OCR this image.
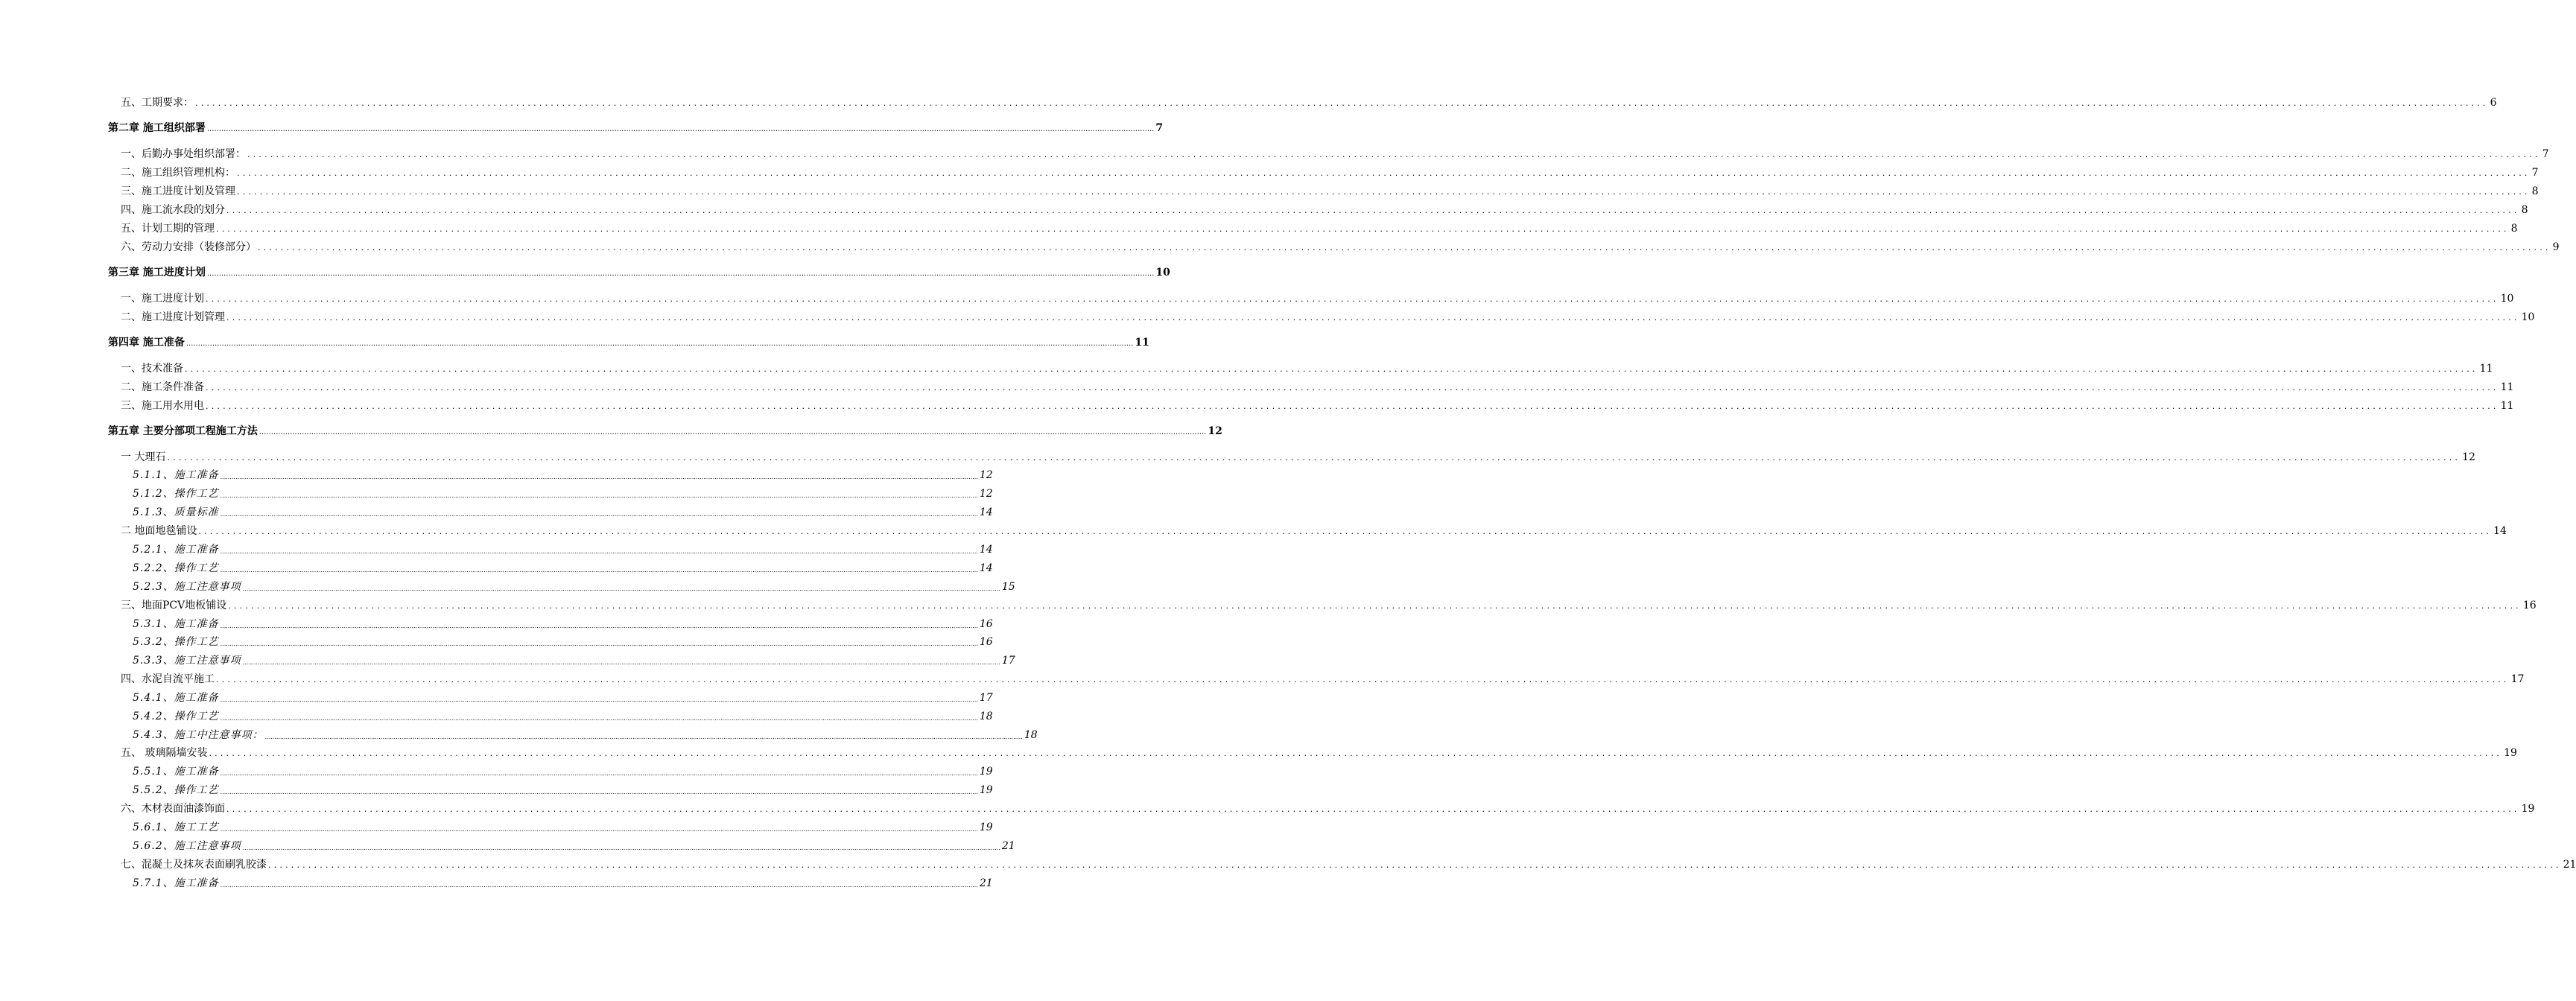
五、工期要求： ................................................................................................................................................................................................................................................................................................................................................................................................................ 6
第二章 施工组织部署 ................................................................................................................................................................................................................................................................................................................................................................................................................ 7
一、后勤办事处组织部署： ................................................................................................................................................................................................................................................................................................................................................................................................................ 7
二、施工组织管理机构： ................................................................................................................................................................................................................................................................................................................................................................................................................ 7
三、施工进度计划及管理 ................................................................................................................................................................................................................................................................................................................................................................................................................ 8
四、施工流水段的划分 ................................................................................................................................................................................................................................................................................................................................................................................................................ 8
五、计划工期的管理 ................................................................................................................................................................................................................................................................................................................................................................................................................ 8
六、劳动力安排（装修部分） ................................................................................................................................................................................................................................................................................................................................................................................................................ 9
第三章 施工进度计划 ................................................................................................................................................................................................................................................................................................................................................................................................................ 10
一、施工进度计划 ................................................................................................................................................................................................................................................................................................................................................................................................................ 10
二、施工进度计划管理 ................................................................................................................................................................................................................................................................................................................................................................................................................ 10
第四章 施工准备 ................................................................................................................................................................................................................................................................................................................................................................................................................ 11
一、技术准备 ................................................................................................................................................................................................................................................................................................................................................................................................................ 11
二、施工条件准备 ................................................................................................................................................................................................................................................................................................................................................................................................................ 11
三、施工用水用电 ................................................................................................................................................................................................................................................................................................................................................................................................................ 11
第五章 主要分部项工程施工方法 ................................................................................................................................................................................................................................................................................................................................................................................................................ 12
一 大理石 ................................................................................................................................................................................................................................................................................................................................................................................................................ 12
5.1.1、施工准备 ................................................................................................................................................................................................................................................................................................................................................................................................................ 12
5.1.2、操作工艺 ................................................................................................................................................................................................................................................................................................................................................................................................................ 12
5.1.3、质量标准 ................................................................................................................................................................................................................................................................................................................................................................................................................ 14
二 地面地毯铺设 ................................................................................................................................................................................................................................................................................................................................................................................................................ 14
5.2.1、施工准备 ................................................................................................................................................................................................................................................................................................................................................................................................................ 14
5.2.2、操作工艺 ................................................................................................................................................................................................................................................................................................................................................................................................................ 14
5.2.3、施工注意事项 ................................................................................................................................................................................................................................................................................................................................................................................................................ 15
三、地面PCV地板铺设 ................................................................................................................................................................................................................................................................................................................................................................................................................ 16
5.3.1、施工准备 ................................................................................................................................................................................................................................................................................................................................................................................................................ 16
5.3.2、操作工艺 ................................................................................................................................................................................................................................................................................................................................................................................................................ 16
5.3.3、施工注意事项 ................................................................................................................................................................................................................................................................................................................................................................................................................ 17
四、水泥自流平施工 ................................................................................................................................................................................................................................................................................................................................................................................................................ 17
5.4.1、施工准备 ................................................................................................................................................................................................................................................................................................................................................................................................................ 17
5.4.2、操作工艺 ................................................................................................................................................................................................................................................................................................................................................................................................................ 18
5.4.3、施工中注意事项： ................................................................................................................................................................................................................................................................................................................................................................................................................ 18
五、 玻璃隔墙安装 ................................................................................................................................................................................................................................................................................................................................................................................................................ 19
5.5.1、施工准备 ................................................................................................................................................................................................................................................................................................................................................................................................................ 19
5.5.2、操作工艺 ................................................................................................................................................................................................................................................................................................................................................................................................................ 19
六、木材表面油漆饰面 ................................................................................................................................................................................................................................................................................................................................................................................................................ 19
5.6.1、施工工艺 ................................................................................................................................................................................................................................................................................................................................................................................................................ 19
5.6.2、施工注意事项 ................................................................................................................................................................................................................................................................................................................................................................................................................ 21
七、混凝土及抹灰表面刷乳胶漆 ................................................................................................................................................................................................................................................................................................................................................................................................................ 21
5.7.1、施工准备 ................................................................................................................................................................................................................................................................................................................................................................................................................ 21
